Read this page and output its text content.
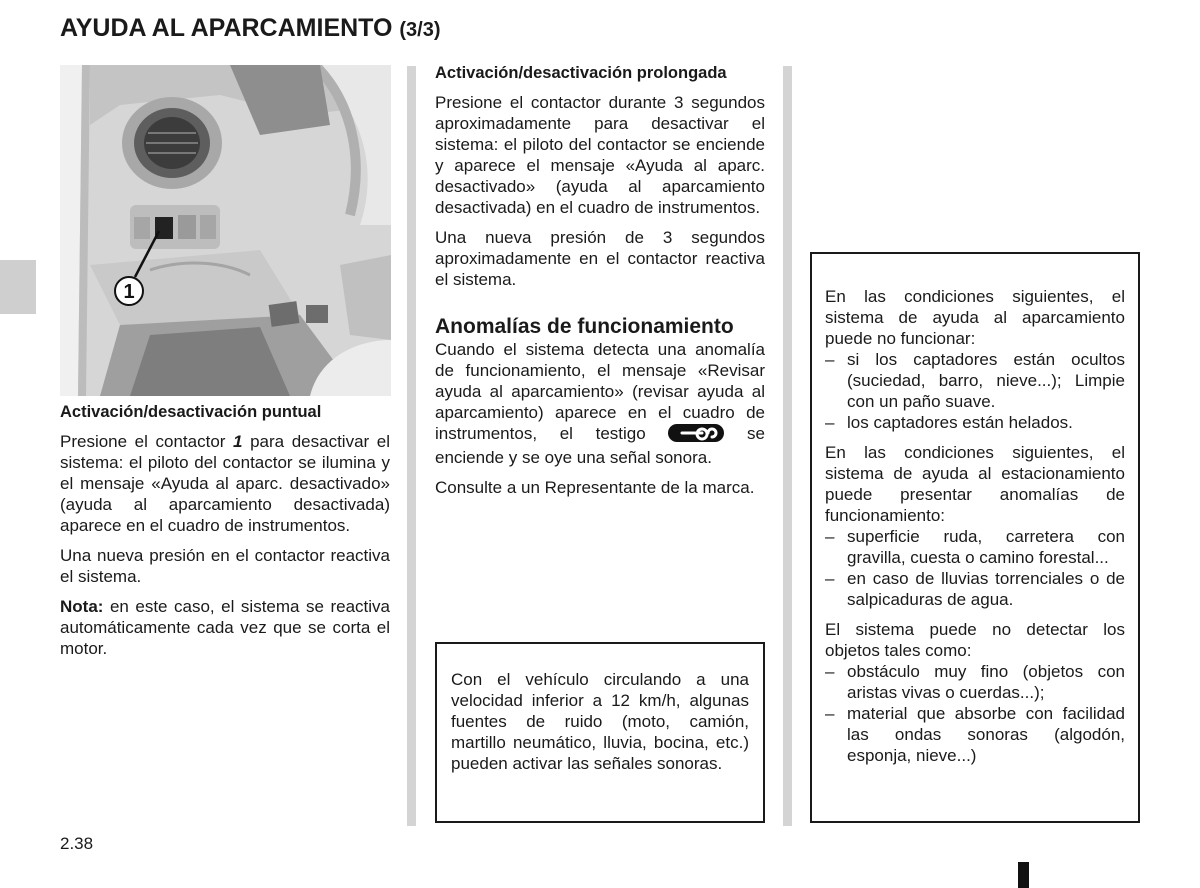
AYUDA AL APARCAMIENTO (3/3)
1
Activación/desactivación puntual

Presione el contactor 1 para desactivar el sistema: el piloto del contactor se ilumina y el mensaje «Ayuda al aparc. desactivado» (ayuda al aparcamiento desactivada) aparece en el cuadro de instrumentos.

Una nueva presión en el contactor reactiva el sistema.

Nota: en este caso, el sistema se reactiva automáticamente cada vez que se corta el motor.

Activación/desactivación prolongada

Presione el contactor durante 3 segundos aproximadamente para desactivar el sistema: el piloto del contactor se enciende y aparece el mensaje «Ayuda al aparc. desactivado» (ayuda al aparcamiento desactivada) en el cuadro de instrumentos.

Una nueva presión de 3 segundos aproximadamente en el contactor reactiva el sistema.

Anomalías de funcionamiento

Cuando el sistema detecta una anomalía de funcionamiento, el mensaje «Revisar ayuda al aparcamiento» (revisar ayuda al aparcamiento) aparece en el cuadro de instrumentos, el testigo	se enciende y se oye una señal sonora.

Consulte a un Representante de la marca.

Con el vehículo circulando a una velocidad inferior a 12 km/h, algunas fuentes de ruido (moto, camión, martillo neumático, lluvia, bocina, etc.) pueden activar las señales sonoras.

En las condiciones siguientes, el sistema de ayuda al aparcamiento puede no funcionar:

– si los captadores están ocultos (suciedad, barro, nieve...); Limpie con un paño suave.
– los captadores están helados.

En las condiciones siguientes, el sistema de ayuda al estacionamiento puede presentar anomalías de funcionamiento:

– superficie ruda, carretera con gravilla, cuesta o camino forestal...
– en caso de lluvias torrenciales o de salpicaduras de agua.

El sistema puede no detectar los objetos tales como:

– obstáculo muy fino (objetos con aristas vivas o cuerdas...);
– material que absorbe con facilidad las ondas sonoras (algodón, esponja, nieve...)
2.38
